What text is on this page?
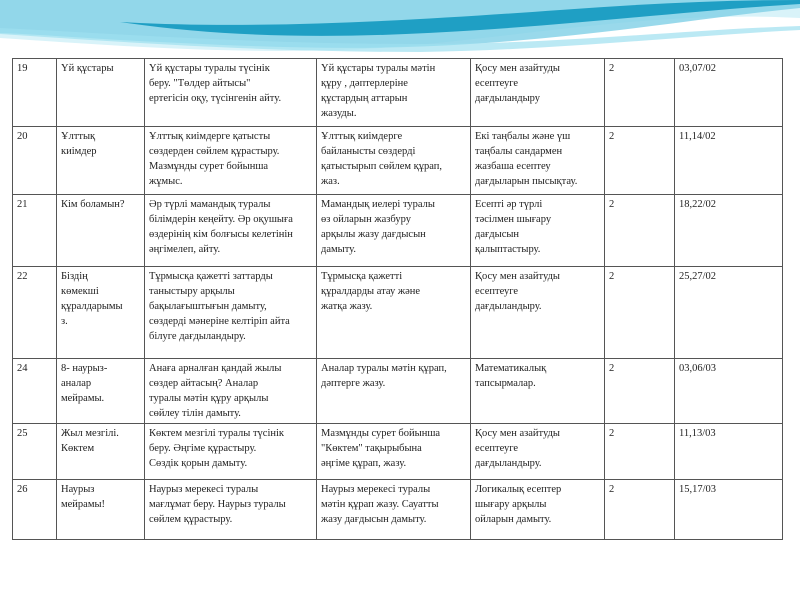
19	Үй құстары	Үй құстары туралы түсінік
беру. "Төлдер айтысы"
ертегісін оқу, түсінгенін айту.	Үй құстары туралы мәтін
құру , дәптерлеріне
құстардың аттарын
жазуды.	Қосу мен азайтуды
есептеуге
дағдыландыру	2	03,07/02

20	Ұлттық
киімдер	Ұлттық киімдерге қатысты
сөздерден сөйлем құрастыру.
Мазмұнды сурет бойынша
жұмыс.	Ұлттық киімдерге
байланысты сөздерді
қатыстырып сөйлем құрап,
жаз.	Екі таңбалы және үш
таңбалы сандармен
жазбаша есептеу
дағдыларын пысықтау.	2	11,14/02

21	Кім боламын?	Әр түрлі мамандық туралы
білімдерін кеңейту. Әр оқушыға
өздерінің кім болғысы келетінін
әңгімелеп, айту.	Мамандық иелері туралы
өз ойларын жазбуру
арқылы жазу дағдысын
дамыту.	Есепті әр түрлі
тәсілмен шығару
дағдысын
қалыптастыру.	2	18,22/02

22	Біздің
көмекші
құралдарымы
з.	Тұрмысқа қажетті заттарды
таныстыру арқылы
бақылағыштығын дамыту,
сөздерді мәнеріне келтіріп айта
білуге дағдыландыру.	Тұрмысқа қажетті
құралдарды атау және
жатқа жазу.	Қосу мен азайтуды
есептеуге
дағдыландыру.	2	25,27/02

24	8- наурыз-
аналар
мейрамы.	Анаға арналған қандай жылы
сөздер айтасың? Аналар
туралы мәтін құру арқылы
сөйлеу тілін дамыту.	Аналар туралы мәтін құрап,
дәптерге жазу.	Математикалық
тапсырмалар.	2	03,06/03

25	Жыл мезгілі.
Көктем	Көктем мезгілі туралы түсінік
беру. Әңгіме құрастыру.
Сөздік қорын дамыту.	Мазмұнды сурет бойынша
"Көктем" тақырыбына
әңгіме құрап, жазу.	Қосу мен азайтуды
есептеуге
дағдыландыру.	2	11,13/03

26	Наурыз
мейрамы!	Наурыз мерекесі туралы
мағлұмат беру. Наурыз туралы
сөйлем құрастыру.	Наурыз мерекесі туралы
мәтін құрап жазу. Сауатты
жазу дағдысын дамыту.	Логикалық есептер
шығару арқылы
ойларын дамыту.	2	15,17/03
